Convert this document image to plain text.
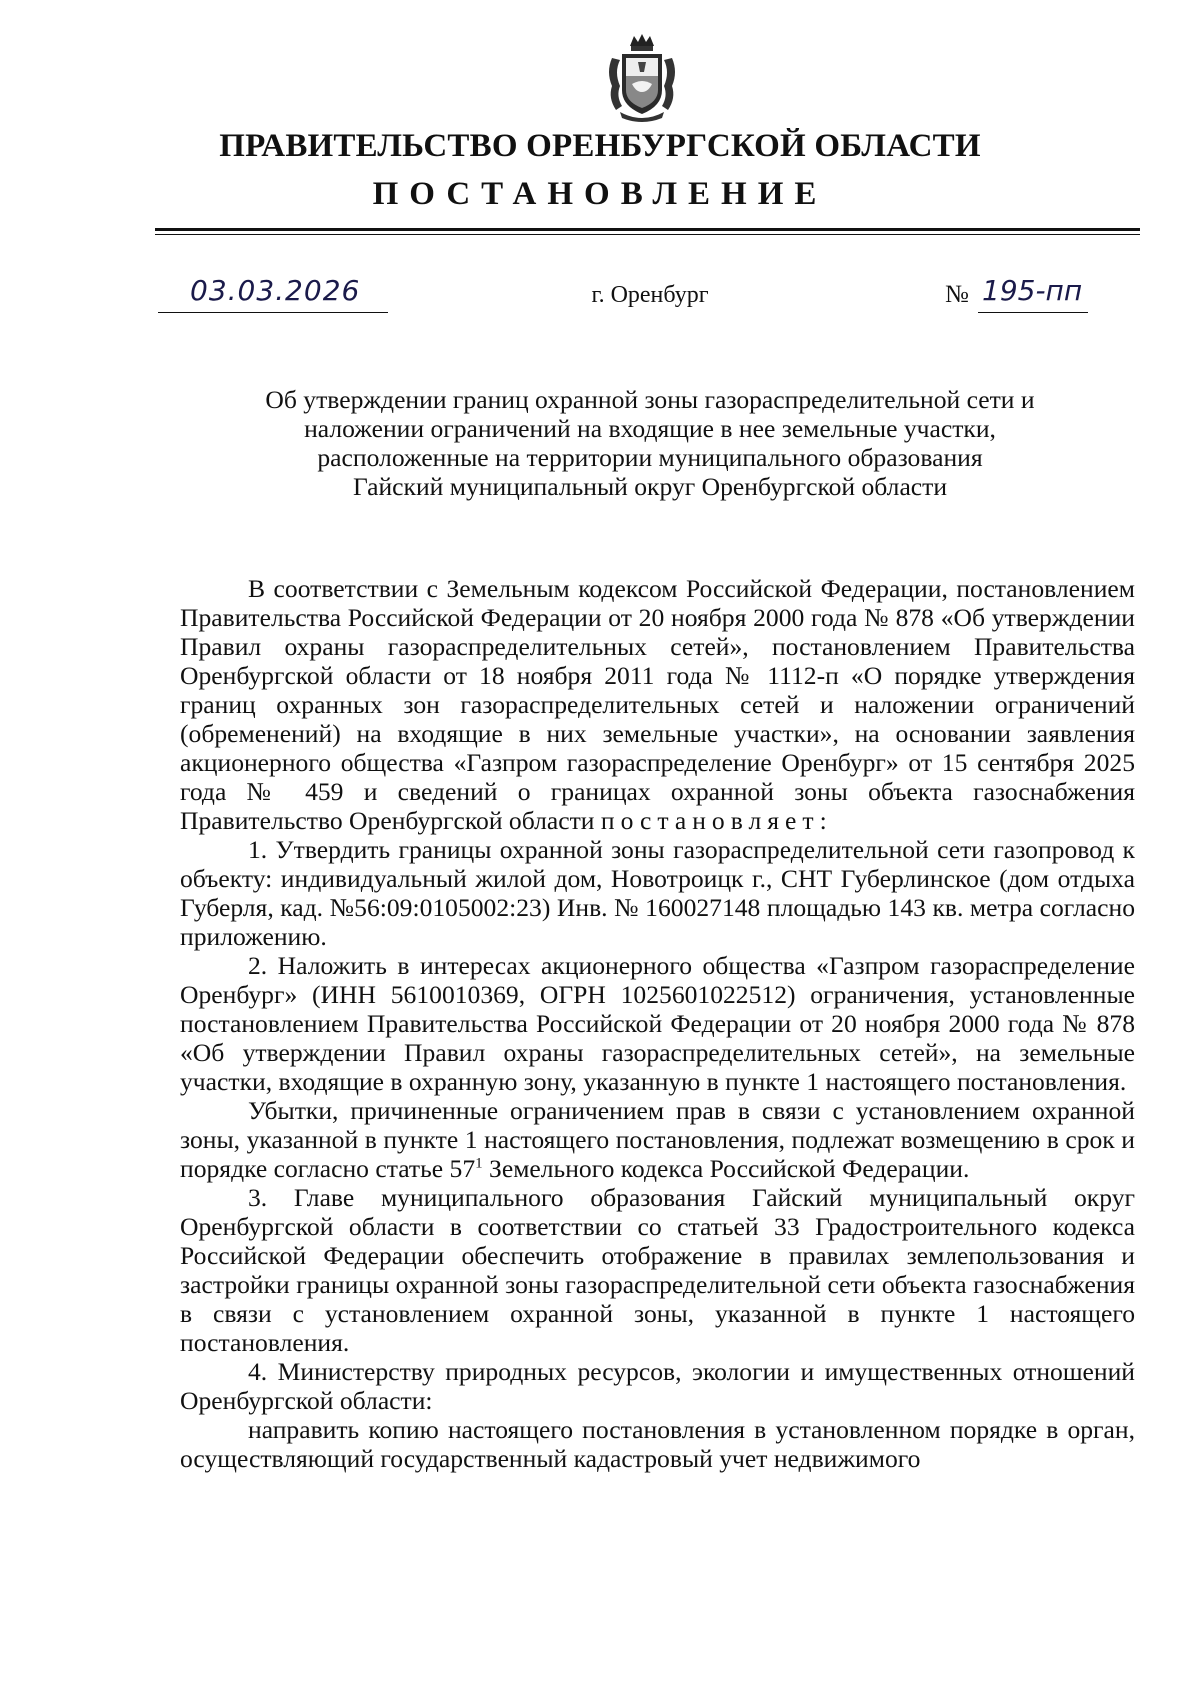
ПРАВИТЕЛЬСТВО ОРЕНБУРГСКОЙ ОБЛАСТИ
ПОСТАНОВЛЕНИЕ
03.03.2026	г. Оренбург	№ 195-пп
Об утверждении границ охранной зоны газораспределительной сети и
наложении ограничений на входящие в нее земельные участки,
расположенные на территории муниципального образования
Гайский муниципальный округ Оренбургской области

В соответствии с Земельным кодексом Российской Федерации, постановлением Правительства Российской Федерации от 20 ноября 2000 года № 878 «Об утверждении Правил охраны газораспределительных сетей», постановлением Правительства Оренбургской области от 18 ноября 2011 года № 1112-п «О порядке утверждения границ охранных зон газораспределительных сетей и наложении ограничений (обременений) на входящие в них земельные участки», на основании заявления акционерного общества «Газпром газораспределение Оренбург» от 15 сентября 2025 года № 459 и сведений о границах охранной зоны объекта газоснабжения Правительство Оренбургской области постановляет:

1. Утвердить границы охранной зоны газораспределительной сети газопровод к объекту: индивидуальный жилой дом, Новотроицк г., СНТ Губерлинское (дом отдыха Губерля, кад. №56:09:0105002:23) Инв. № 160027148 площадью 143 кв. метра согласно приложению.

2. Наложить в интересах акционерного общества «Газпром газораспределение Оренбург» (ИНН 5610010369, ОГРН 1025601022512) ограничения, установленные постановлением Правительства Российской Федерации от 20 ноября 2000 года № 878 «Об утверждении Правил охраны газораспределительных сетей», на земельные участки, входящие в охранную зону, указанную в пункте 1 настоящего постановления.

Убытки, причиненные ограничением прав в связи с установлением охранной зоны, указанной в пункте 1 настоящего постановления, подлежат возмещению в срок и порядке согласно статье $57^1$ Земельного кодекса Российской Федерации.

3. Главе муниципального образования Гайский муниципальный округ Оренбургской области в соответствии со статьей 33 Градостроительного кодекса Российской Федерации обеспечить отображение в правилах землепользования и застройки границы охранной зоны газораспределительной сети объекта газоснабжения в связи с установлением охранной зоны, указанной в пункте 1 настоящего постановления.

4. Министерству природных ресурсов, экологии и имущественных отношений Оренбургской области:

направить копию настоящего постановления в установленном порядке в орган, осуществляющий государственный кадастровый учет недвижимого
